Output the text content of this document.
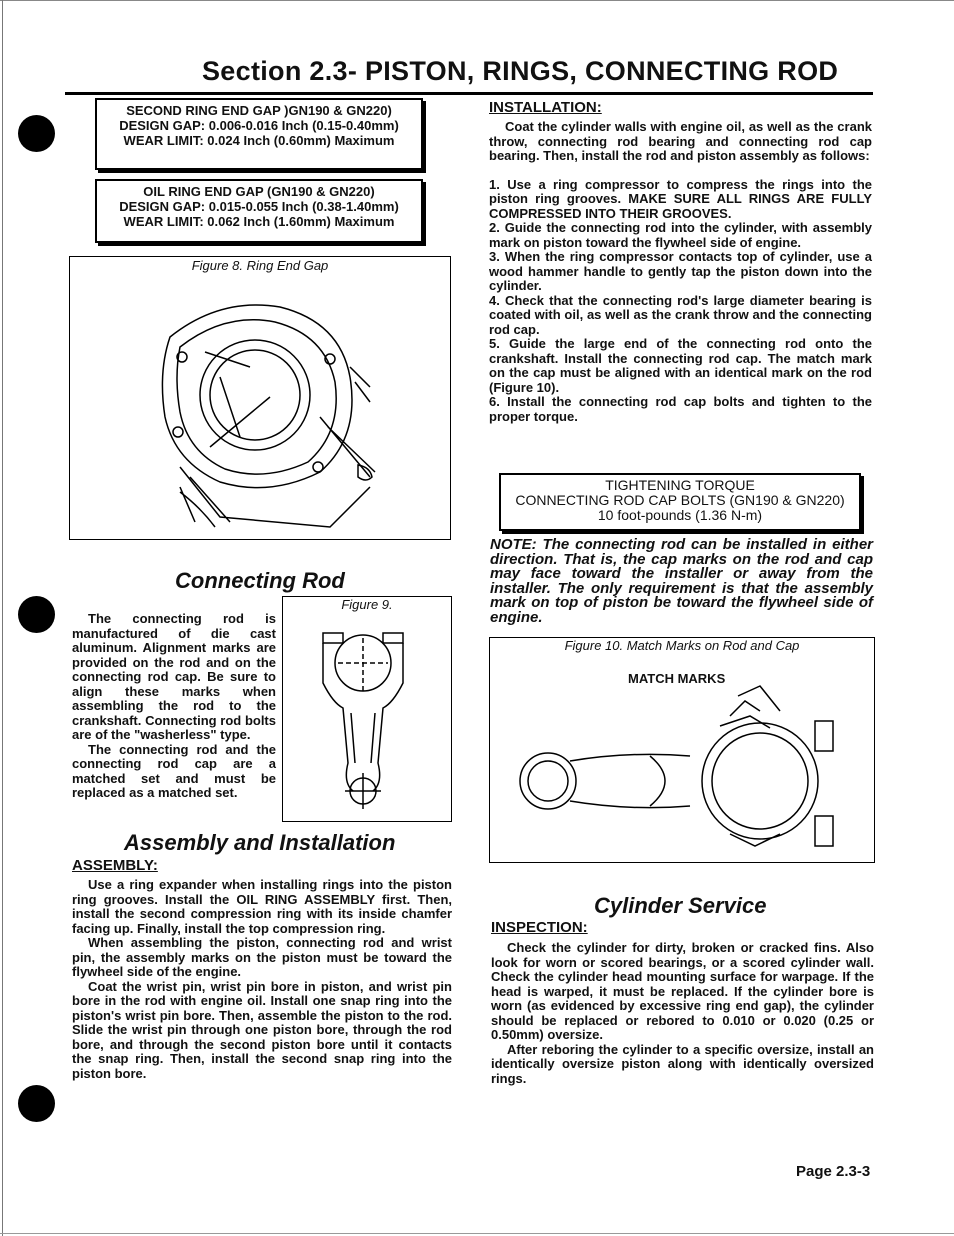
Section 2.3- PISTON, RINGS, CONNECTING ROD
SECOND RING END GAP )GN190 & GN220)
DESIGN GAP: 0.006-0.016 Inch (0.15-0.40mm)
WEAR LIMIT: 0.024 Inch (0.60mm) Maximum
OIL RING END GAP (GN190 & GN220)
DESIGN GAP: 0.015-0.055 Inch (0.38-1.40mm)
WEAR LIMIT: 0.062 Inch (1.60mm) Maximum
Figure 8. Ring End Gap
Connecting Rod

The connecting rod is manufactured of die cast aluminum. Alignment marks are provided on the rod and on the connecting rod cap. Be sure to align these marks when assembling the rod to the crankshaft. Connecting rod bolts are of the "washerless" type.

The connecting rod and the connecting rod cap are a matched set and must be replaced as a matched set.

Figure 9.
Assembly and Installation
ASSEMBLY:

Use a ring expander when installing rings into the piston ring grooves. Install the OIL RING ASSEMBLY first. Then, install the second compression ring with its inside chamfer facing up. Finally, install the top compression ring.

When assembling the piston, connecting rod and wrist pin, the assembly marks on the piston must be toward the flywheel side of the engine.

Coat the wrist pin, wrist pin bore in piston, and wrist pin bore in the rod with engine oil. Install one snap ring into the piston's wrist pin bore. Then, assemble the piston to the rod. Slide the wrist pin through one piston bore, through the rod bore, and through the second piston bore until it contacts the snap ring. Then, install the second snap ring into the piston bore.

INSTALLATION:

Coat the cylinder walls with engine oil, as well as the crank throw, connecting rod bearing and connecting rod cap bearing. Then, install the rod and piston assembly as follows:

1. Use a ring compressor to compress the rings into the piston ring grooves. MAKE SURE ALL RINGS ARE FULLY COMPRESSED INTO THEIR GROOVES.

2. Guide the connecting rod into the cylinder, with assembly mark on piston toward the flywheel side of engine.

3. When the ring compressor contacts top of cylinder, use a wood hammer handle to gently tap the piston down into the cylinder.

4. Check that the connecting rod's large diameter bearing is coated with oil, as well as the crank throw and the connecting rod cap.

5. Guide the large end of the connecting rod onto the crankshaft. Install the connecting rod cap. The match mark on the cap must be aligned with an identical mark on the rod (Figure 10).

6. Install the connecting rod cap bolts and tighten to the proper torque.

TIGHTENING TORQUE
CONNECTING ROD CAP BOLTS (GN190 & GN220)
10 foot-pounds (1.36 N-m)
NOTE: The connecting rod can be installed in either direction. That is, the cap marks on the rod and cap may face toward the installer or away from the installer. The only requirement is that the assembly mark on top of piston be toward the flywheel side of engine.
Figure 10. Match Marks on Rod and Cap
MATCH MARKS
Cylinder Service
INSPECTION:

Check the cylinder for dirty, broken or cracked fins. Also look for worn or scored bearings, or a scored cylinder wall. Check the cylinder head mounting surface for warpage. If the head is warped, it must be replaced. If the cylinder bore is worn (as evidenced by excessive ring end gap), the cylinder should be replaced or rebored to 0.010 or 0.020 (0.25 or 0.50mm) oversize.

After reboring the cylinder to a specific oversize, install an identically oversize piston along with identically oversized rings.

Page 2.3-3
